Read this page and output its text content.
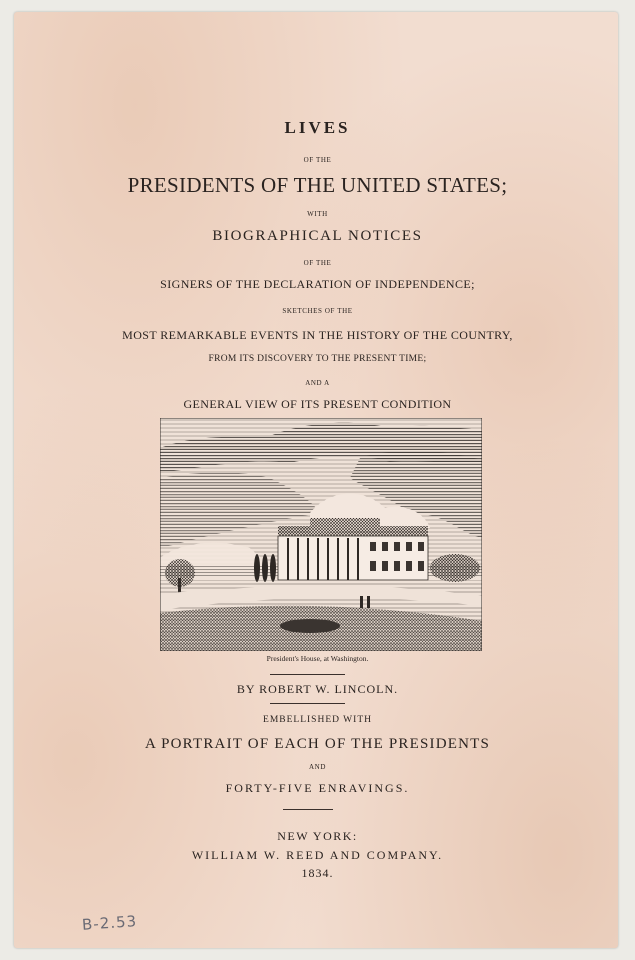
LIVES
OF THE
PRESIDENTS OF THE UNITED STATES;
WITH
BIOGRAPHICAL NOTICES
OF THE
SIGNERS OF THE DECLARATION OF INDEPENDENCE;
SKETCHES OF THE
MOST REMARKABLE EVENTS IN THE HISTORY OF THE COUNTRY,
FROM ITS DISCOVERY TO THE PRESENT TIME;
AND A
GENERAL VIEW OF ITS PRESENT CONDITION
President's House, at Washington.
BY ROBERT W. LINCOLN.
EMBELLISHED WITH
A PORTRAIT OF EACH OF THE PRESIDENTS
AND
FORTY-FIVE ENRAVINGS.
NEW YORK:
WILLIAM W. REED AND COMPANY.
1834.
B-2.53
